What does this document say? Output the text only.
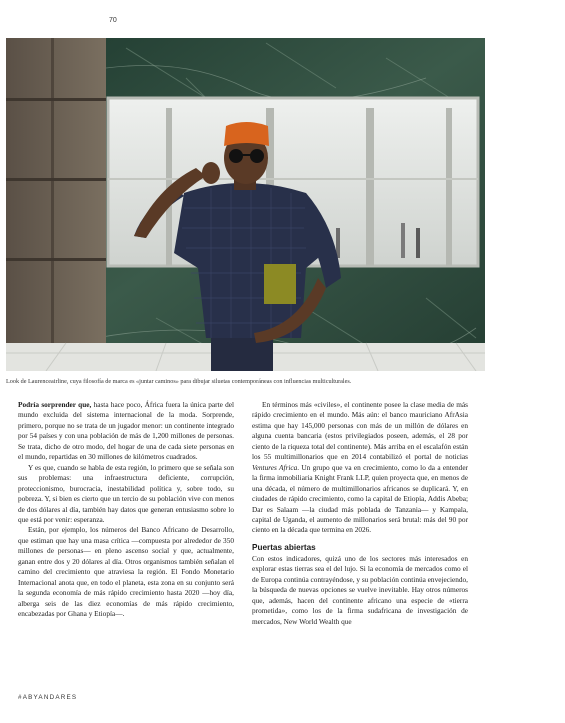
70
Look de Laurenceairline, cuya filosofía de marca es «juntar caminos» para dibujar siluetas contemporáneas con influencias multiculturales.

Podría sorprender que, hasta hace poco, África fuera la única parte del mundo excluida del sistema internacional de la moda. Sorprende, primero, porque no se trata de un jugador menor: un continente integrado por 54 países y con una población de más de 1,200 millones de personas. Se trata, dicho de otro modo, del hogar de una de cada siete personas en el mundo, repartidas en 30 millones de kilómetros cuadrados.

Y es que, cuando se habla de esta región, lo primero que se señala son sus problemas: una infraestructura deficiente, corrupción, proteccionismo, burocracia, inestabilidad política y, sobre todo, su pobreza. Y, si bien es cierto que un tercio de su población vive con menos de dos dólares al día, también hay datos que generan entusiasmo sobre lo que está por venir: esperanza.

Están, por ejemplo, los números del Banco Africano de Desarrollo, que estiman que hay una masa crítica —compuesta por alrededor de 350 millones de personas— en pleno ascenso social y que, actualmente, ganan entre dos y 20 dólares al día. Otros organismos también señalan el camino del crecimiento que atraviesa la región. El Fondo Monetario Internacional anota que, en todo el planeta, esta zona en su conjunto será la segunda economía de más rápido crecimiento hasta 2020 —hoy día, alberga seis de las diez economías de más rápido crecimiento, encabezadas por Ghana y Etiopía—.

En términos más «civiles», el continente posee la clase media de más rápido crecimiento en el mundo. Más aún: el banco mauriciano AfrAsia estima que hay 145,000 personas con más de un millón de dólares en alguna cuenta bancaria (estos privilegiados poseen, además, el 28 por ciento de la riqueza total del continente). Más arriba en el escalafón están los 55 multimillonarios que en 2014 contabilizó el portal de noticias Ventures Africa. Un grupo que va en crecimiento, como lo da a entender la firma inmobiliaria Knight Frank LLP, quien proyecta que, en menos de una década, el número de multimillonarios africanos se duplicará. Y, en ciudades de rápido crecimiento, como la capital de Etiopía, Addis Abeba; Dar es Salaam —la ciudad más poblada de Tanzania— y Kampala, capital de Uganda, el aumento de millonarios será brutal: más del 90 por ciento en la década que termina en 2026.

Puertas abiertas

Con estos indicadores, quizá uno de los sectores más interesados en explorar estas tierras sea el del lujo. Si la economía de mercados como el de Europa continúa contrayéndose, y su población continúa envejeciendo, la búsqueda de nuevas opciones se vuelve inevitable. Hay otros números que, además, hacen del continente africano una especie de «tierra prometida», como los de la firma sudafricana de investigación de mercados, New World Wealth que

#ABYANDARES
